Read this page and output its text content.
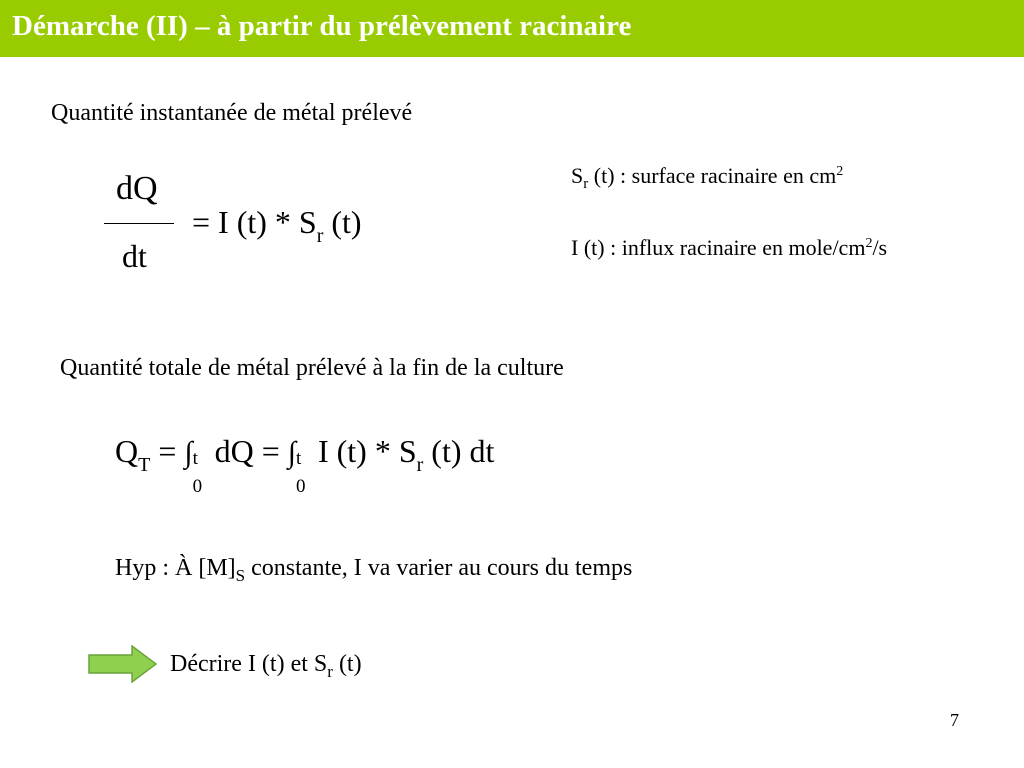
Démarche (II) – à partir du prélèvement racinaire
Quantité instantanée de métal prélevé
dQ
dt
= I $(t) * S_r$ (t)
$S_r$ (t) : surface racinaire en $cm^2$
I (t) : influx racinaire en mole/$cm^2/s$
Quantité totale de métal prélevé à la fin de la culture
$Q_T$ = ∫ t
0
dQ = ∫ t
0
I $(t) * S_r$ (t) dt
Hyp : À $[M]_S$ constante, I va varier au cours du temps
Décrire I (t) et $S_r$ (t)
7
